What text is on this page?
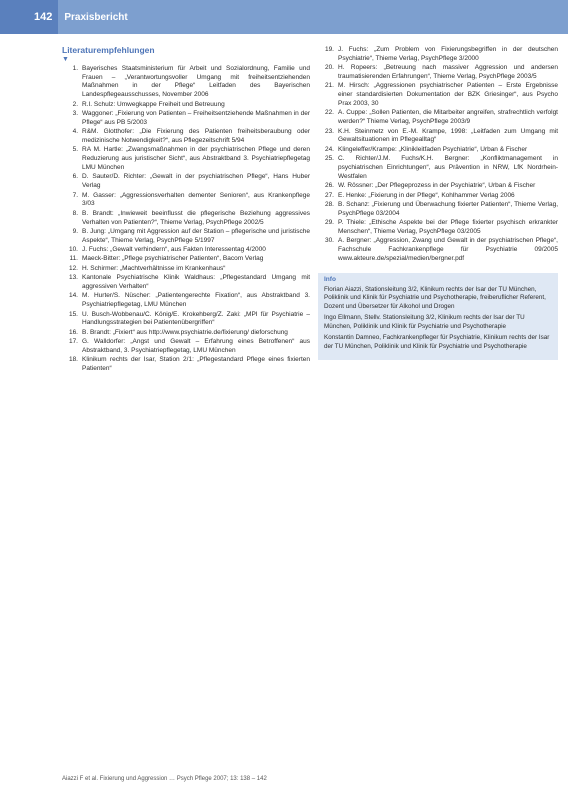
142	Praxisbericht
Literaturempfehlungen
▼
1. Bayerisches Staatsministerium für Arbeit und Sozialordnung, Familie und Frauen – „Verantwortungsvoller Umgang mit freiheitsentziehenden Maßnahmen in der Pflege“ Leitfaden des Bayerischen Landespflegeausschusses, November 2006
2. R.I. Schulz: Umwegkappe Freiheit und Betreuung
3. Waggoner: „Fixierung von Patienten – Freiheitsentziehende Maßnahmen in der Pflege“ aus PB 5/2003
4. R&M. Glotthofer: „Die Fixierung des Patienten freiheitsberaubung oder medizinische Notwendigkeit?“, aus Pflegezeitschrift 5/94
5. RA M. Hartle: „Zwangsmaßnahmen in der psychiatrischen Pflege und deren Reduzierung aus juristischer Sicht“, aus Abstraktband 3. Psychiatriepflegetag LMU München
6. D. Sauter/D. Richter: „Gewalt in der psychiatrischen Pflege“, Hans Huber Verlag
7. M. Gasser: „Aggressionsverhalten dementer Senioren“, aus Krankenpflege 3/03
8. B. Brandt: „Inwieweit beeinflusst die pflegerische Beziehung aggressives Verhalten von Patienten?“, Thieme Verlag, PsychPflege 2002/5
9. B. Jung: „Umgang mit Aggression auf der Station – pflegerische und juristische Aspekte“, Thieme Verlag, PsychPflege 5/1997
10. J. Fuchs: „Gewalt verhindern“, aus Fakten Interessentag 4/2000
11. Maeck-Bitter: „Pflege psychiatrischer Patienten“, Bacom Verlag
12. H. Schirmer: „Machtverhältnisse im Krankenhaus“
13. Kantonale Psychiatrische Klinik Waldhaus: „Pflegestandard Umgang mit aggressiven Verhalten“
14. M. Hurter/S. Nüscher: „Patientengerechte Fixation“, aus Abstraktband 3. Psychiatriepflegetag, LMU München
15. U. Busch-Wobbenau/C. König/E. Krokehberg/Z. Zaki: „MPI für Psychiatrie – Handlungsstrategien bei Patientenübergriffen“
16. B. Brandt: „Fixiert“ aus http://www.psychiatrie.de/fixierung/ dieforschung
17. G. Walldorfer: „Angst und Gewalt – Erfahrung eines Betroffenen“ aus Abstraktband, 3. Psychiatriepflegetag, LMU München
18. Klinikum rechts der Isar, Station 2/1: „Pflegestandard Pflege eines fixierten Patienten“
19. J. Fuchs: „Zum Problem von Fixierungsbegriffen in der deutschen Psychiatrie“, Thieme Verlag, PsychPflege 3/2000
20. H. Ropeers: „Betreuung nach massiver Aggression und andersen traumatisierenden Erfahrungen“, Thieme Verlag, PsychPflege 2003/5
21. M. Hirsch: „Aggressionen psychiatrischer Patienten – Erste Ergebnisse einer standardisierten Dokumentation der BZK Griesinger“, aus Psycho Prax 2003, 30
22. A. Cuppe: „Sollen Patienten, die Mitarbeiter angreifen, strafrechtlich verfolgt werden?“ Thieme Verlag, PsychPflege 2003/9
23. K.H. Steinmetz von E.-M. Krampe, 1998: „Leitfaden zum Umgang mit Gewaltsituationen im Pflegealltag“
24. Klingeleffer/Krampe: „Klinikleitfaden Psychiatrie“, Urban & Fischer
25. C. Richter/J.M. Fuchs/K.H. Bergner: „Konfliktmanagement in psychiatrischen Einrichtungen“, aus Prävention in NRW, LfK Nordrhein-Westfalen
26. W. Rössner: „Der Pflegeprozess in der Psychiatrie“, Urban & Fischer
27. E. Henke: „Fixierung in der Pflege“, Kohlhammer Verlag 2006
28. B. Schanz: „Fixierung und Überwachung fixierter Patienten“, Thieme Verlag, PsychPflege 03/2004
29. P. Thiele: „Ethische Aspekte bei der Pflege fixierter psychisch erkrankter Menschen“, Thieme Verlag, PsychPflege 03/2005
30. A. Bergner: „Aggression, Zwang und Gewalt in der psychiatrischen Pflege“, Fachschule Fachkrankenpflege für Psychiatrie 09/2005 www.akteure.de/spezial/medien/bergner.pdf
Info

Florian Aiazzi, Stationsleitung 3/2, Klinikum rechts der Isar der TU München, Poliklinik und Klinik für Psychiatrie und Psychotherapie, freiberuflicher Referent, Dozent und Übersetzer für Alkohol und Drogen

Ingo Ellmann, Stellv. Stationsleitung 3/2, Klinikum rechts der Isar der TU München, Poliklinik und Klinik für Psychiatrie und Psychotherapie

Konstantin Damneo, Fachkrankenpfleger für Psychiatrie, Klinikum rechts der Isar der TU München, Poliklinik und Klinik für Psychiatrie und Psychotherapie

Aiazzi F et al. Fixierung und Aggression … Psych Pflege 2007; 13: 138 – 142
